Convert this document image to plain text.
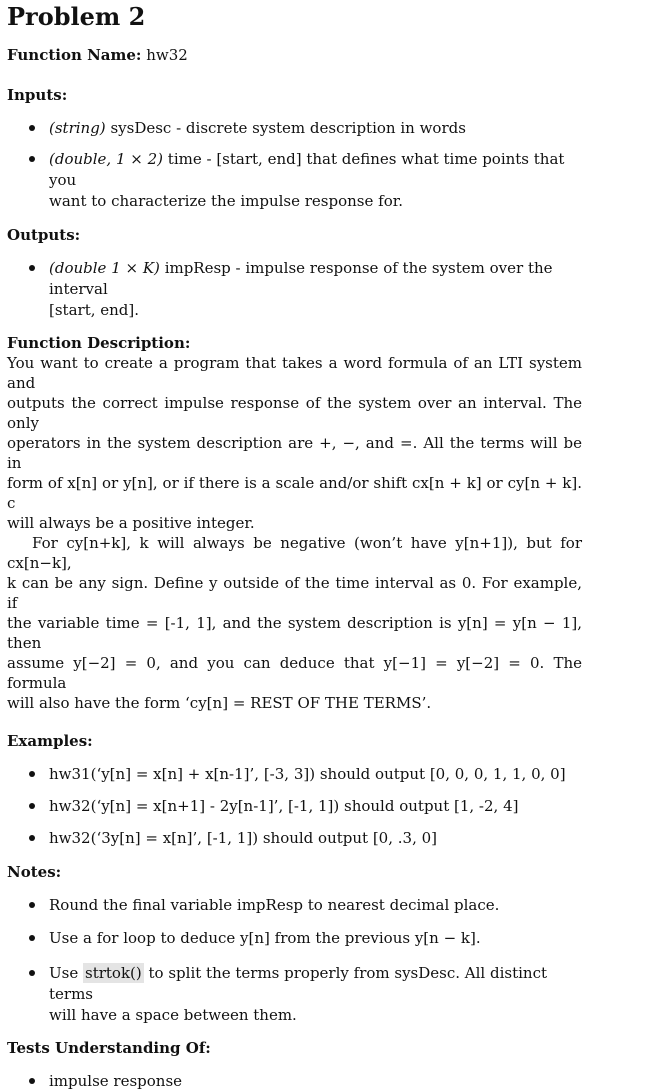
Problem 2
Function Name: hw32
Inputs:
(string) sysDesc - discrete system description in words
(double, 1 × 2) time - [start, end] that defines what time points that you
want to characterize the impulse response for.
Outputs:
(double 1 × K) impResp - impulse response of the system over the interval
[start, end].
Function Description:

You want to create a program that takes a word formula of an LTI system and

outputs the correct impulse response of the system over an interval. The only

operators in the system description are +, −, and =. All the terms will be in

form of x[n] or y[n], or if there is a scale and/or shift cx[n + k] or cy[n + k]. c

will always be a positive integer.

For cy[n+k], k will always be negative (won’t have y[n+1]), but for cx[n−k],

k can be any sign. Define y outside of the time interval as 0. For example, if

the variable time = [-1, 1], and the system description is y[n] = y[n − 1], then

assume y[−2] = 0, and you can deduce that y[−1] = y[−2] = 0. The formula

will also have the form ‘cy[n] = REST OF THE TERMS’.

Examples:
hw31(‘y[n] = x[n] + x[n-1]’, [-3, 3]) should output [0, 0, 0, 1, 1, 0, 0]
hw32(‘y[n] = x[n+1] - 2y[n-1]’, [-1, 1]) should output [1, -2, 4]
hw32(‘3y[n] = x[n]’, [-1, 1]) should output [0, .3, 0]
Notes:
Round the final variable impResp to nearest decimal place.
Use a for loop to deduce y[n] from the previous y[n − k].
Use strtok() to split the terms properly from sysDesc. All distinct terms
will have a space between them.
Tests Understanding Of:
impulse response
